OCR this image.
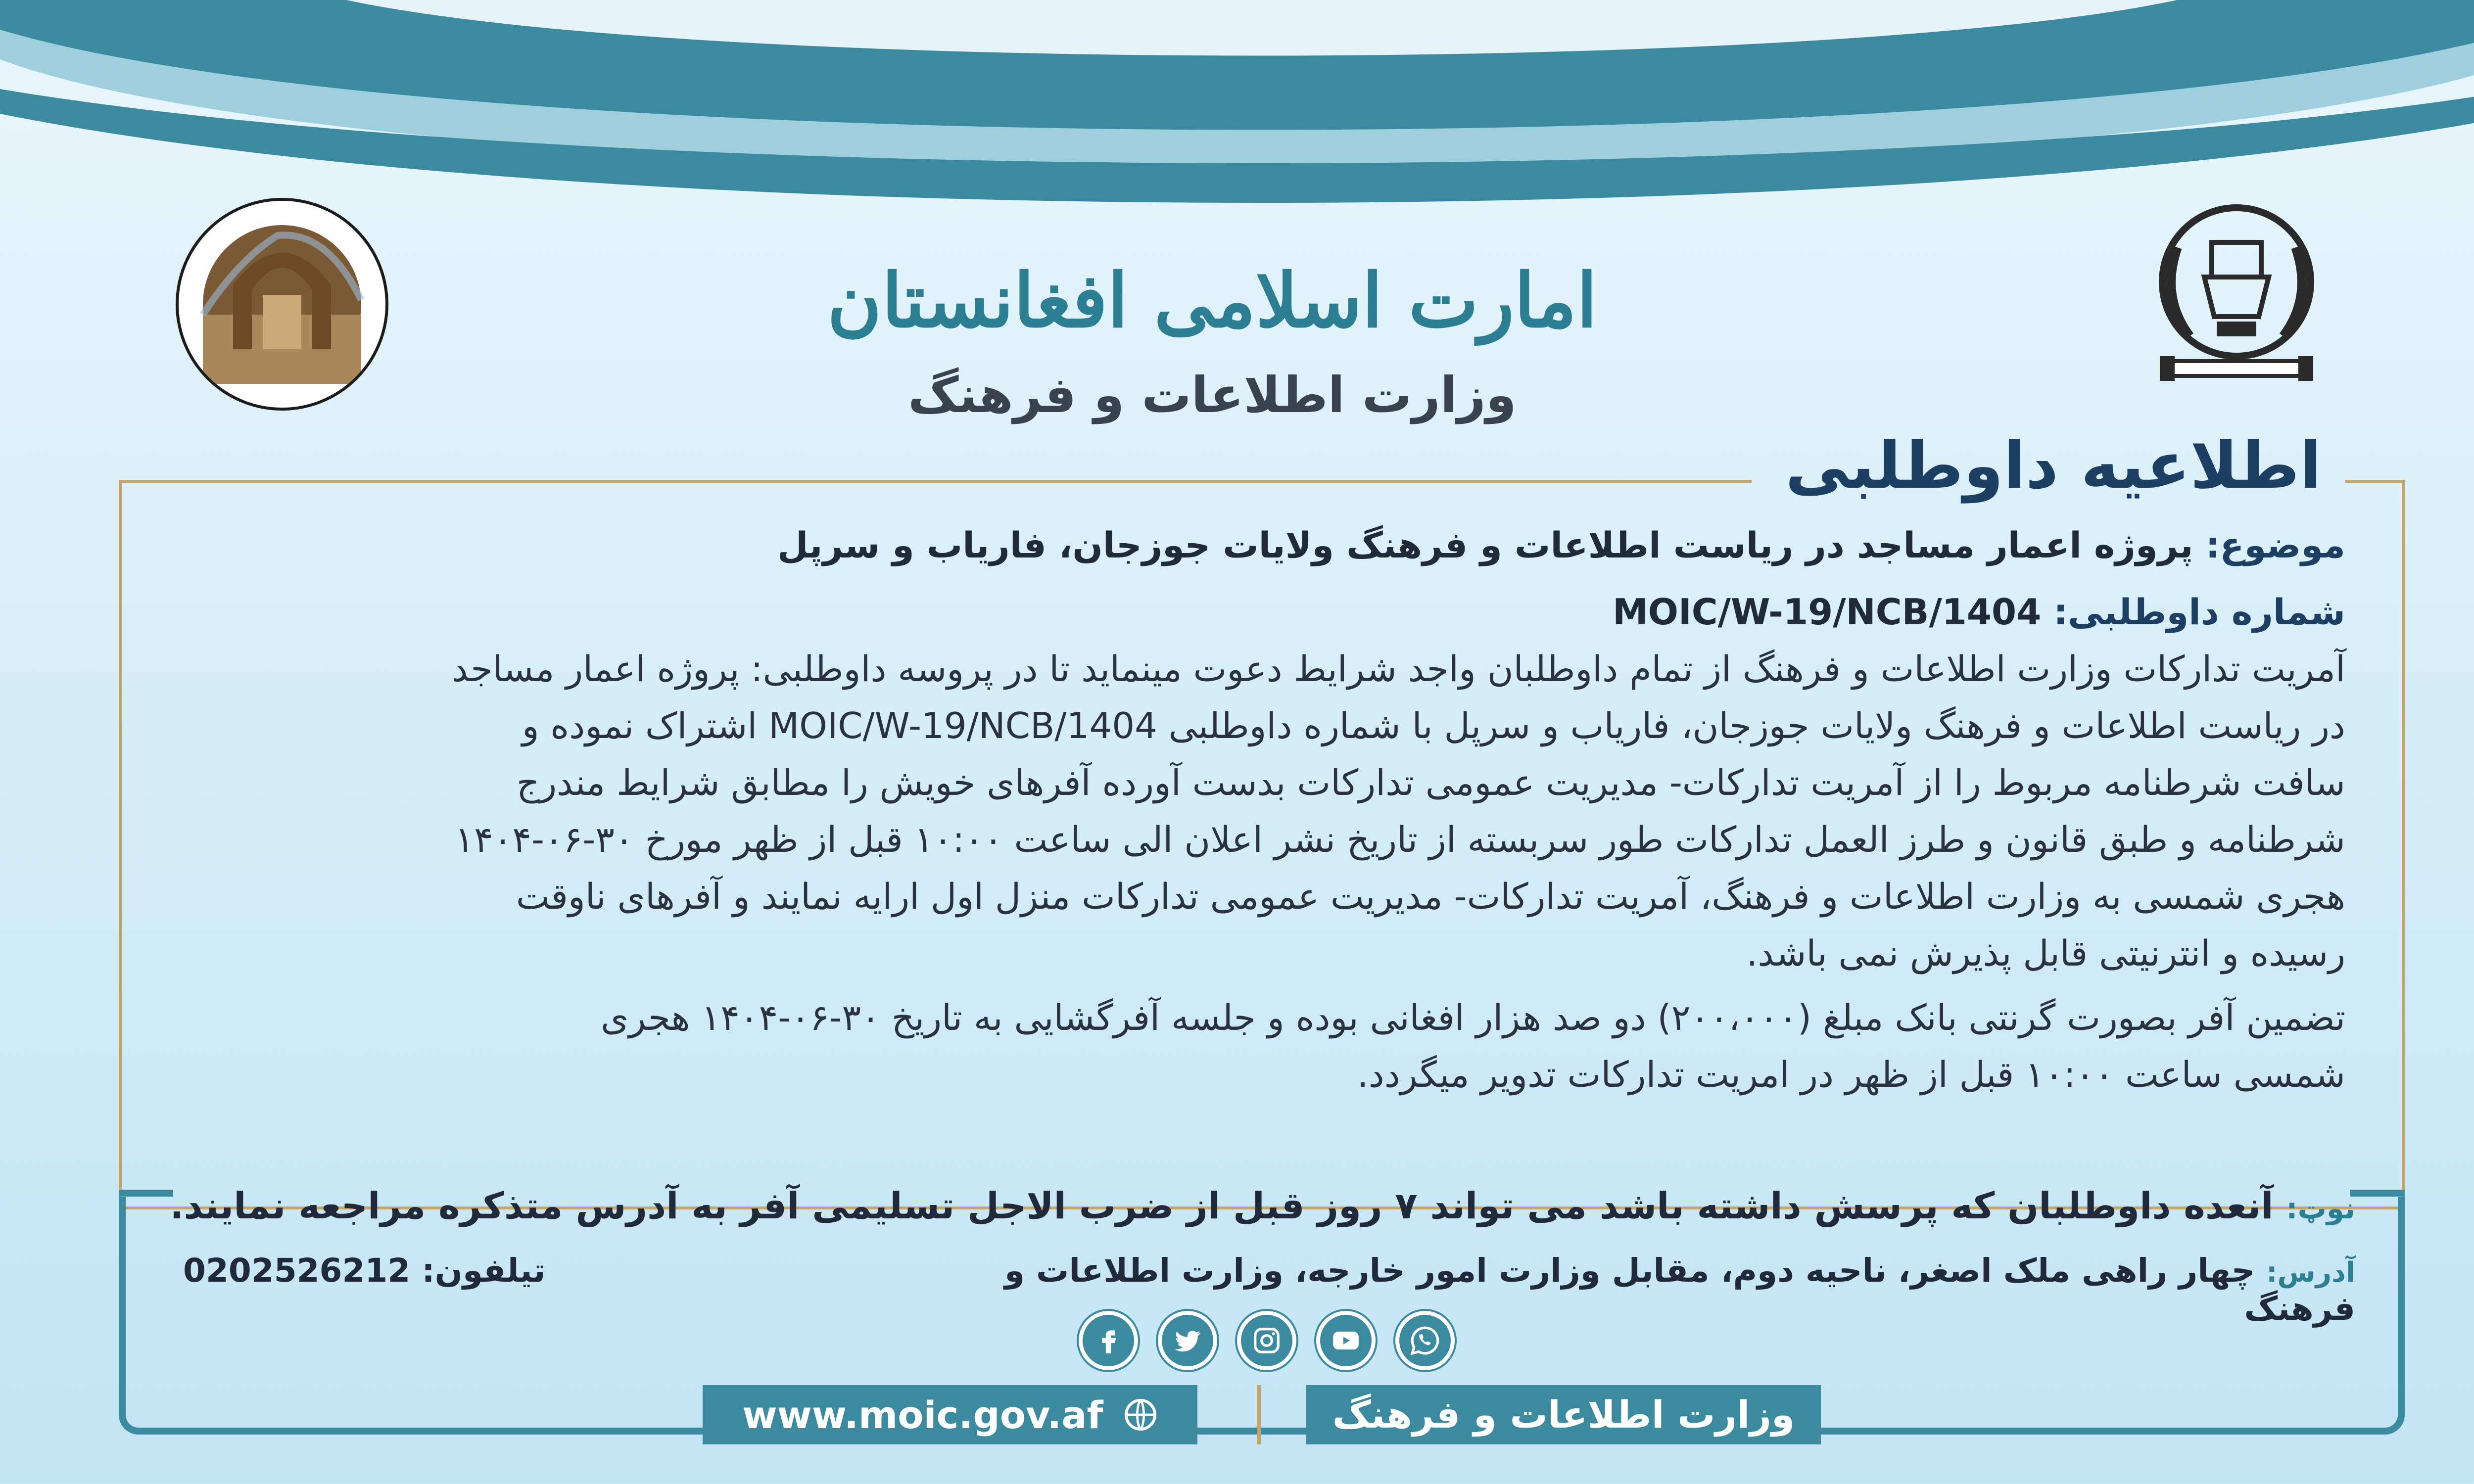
امارت اسلامی افغانستان
وزارت اطلاعات و فرهنگ
اطلاعیه داوطلبی
موضوع: پروژه اعمار مساجد در ریاست اطلاعات و فرهنگ ولایات جوزجان، فاریاب و سرپل
شماره داوطلبی: MOIC/W-19/NCB/1404
آمریت تدارکات وزارت اطلاعات و فرهنگ از تمام داوطلبان واجد شرایط دعوت مینماید تا در پروسه داوطلبی: پروژه اعمار مساجد
در ریاست اطلاعات و فرهنگ ولایات جوزجان، فاریاب و سرپل با شماره داوطلبی MOIC/W-19/NCB/1404 اشتراک نموده و
سافت شرطنامه مربوط را از آمریت تدارکات- مدیریت عمومی تدارکات بدست آورده آفرهای خویش را مطابق شرایط مندرج
شرطنامه و طبق قانون و طرز العمل تدارکات طور سربسته از تاریخ نشر اعلان الی ساعت ۱۰:۰۰ قبل از ظهر مورخ ۳۰-۰۶-۱۴۰۴
هجری شمسی به وزارت اطلاعات و فرهنگ، آمریت تدارکات- مدیریت عمومی تدارکات منزل اول ارایه نمایند و آفرهای ناوقت
رسیده و انترنیتی قابل پذیرش نمی باشد.
تضمین آفر بصورت گرنتی بانک مبلغ (۲۰۰،۰۰۰) دو صد هزار افغانی بوده و جلسه آفرگشایی به تاریخ ۳۰-۰۶-۱۴۰۴ هجری
شمسی ساعت ۱۰:۰۰ قبل از ظهر در امریت تدارکات تدویر میگردد.
نوټ: آنعده داوطلبان که پرسش داشته باشد می تواند ۷ روز قبل از ضرب الاجل تسلیمی آفر به آدرس متذکره مراجعه نمایند.
آدرس: چهار راهی ملک اصغر، ناحیه دوم، مقابل وزارت امور خارجه، وزارت اطلاعات و فرهنگ
0202526212 تیلفون:
www.moic.gov.af	وزارت اطلاعات و فرهنگ
